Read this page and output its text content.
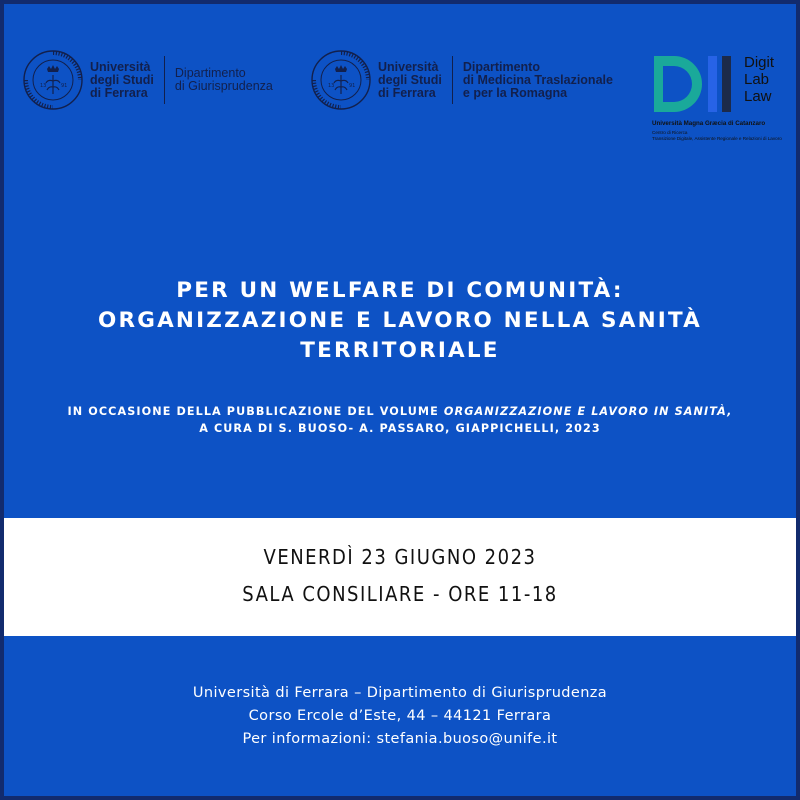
13	91
Università
degli Studi
di Ferrara
Dipartimento
di Giurisprudenza	13	91
Università
degli Studi
di Ferrara
Dipartimento
di Medicina Traslazionale
e per la Romagna
Digit
Lab
Law
Università Magna Græcia di Catanzaro
Centro di Ricerca
Transizione Digitale, Assistente Regionale e Relazioni di Lavoro
PER UN WELFARE DI COMUNITÀ:
ORGANIZZAZIONE E LAVORO NELLA SANITÀ
TERRITORIALE
IN OCCASIONE DELLA PUBBLICAZIONE DEL VOLUME ORGANIZZAZIONE E LAVORO IN SANITÀ,
A CURA DI S. BUOSO- A. PASSARO, GIAPPICHELLI, 2023
VENERDÌ 23 GIUGNO 2023
SALA CONSILIARE - ORE 11-18
Università di Ferrara – Dipartimento di Giurisprudenza
Corso Ercole d’Este, 44 – 44121 Ferrara
Per informazioni: stefania.buoso@unife.it
